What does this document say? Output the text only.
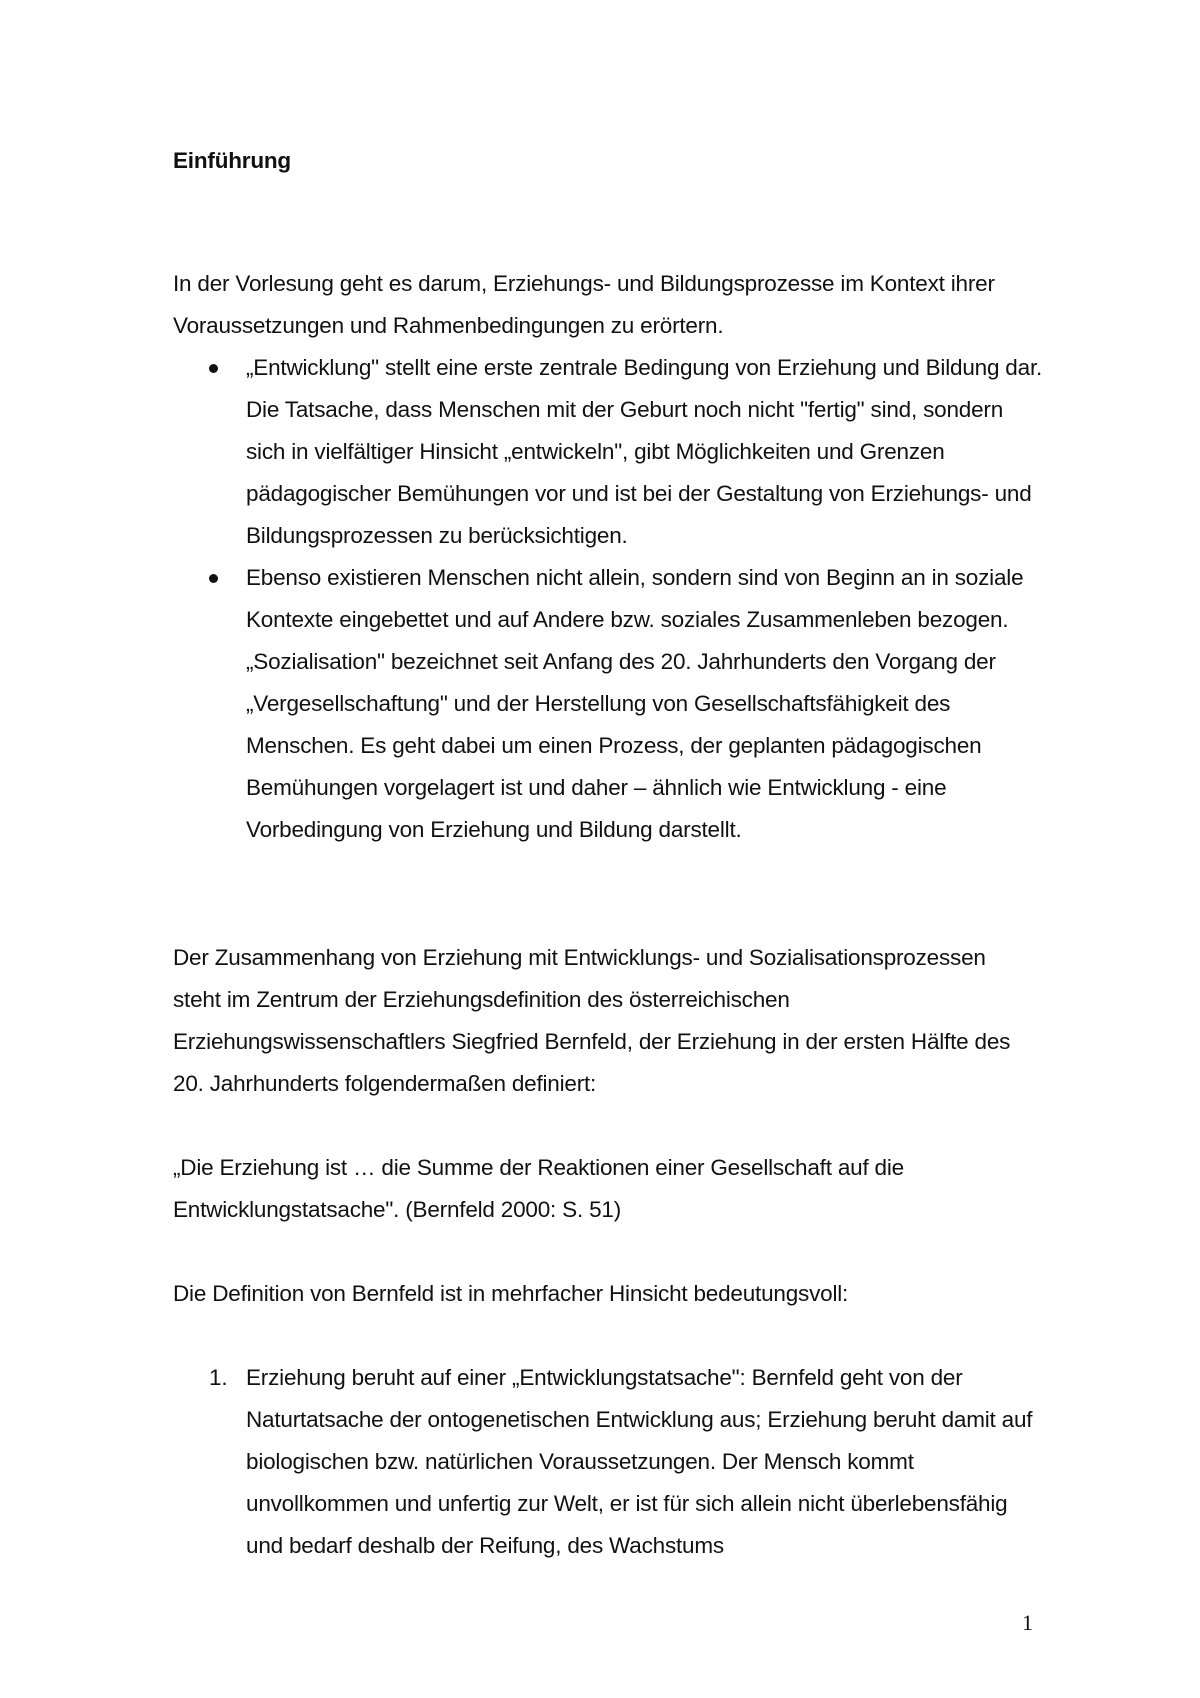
Einführung

In der Vorlesung geht es darum, Erziehungs- und Bildungsprozesse im Kontext ihrer Voraussetzungen und Rahmenbedingungen zu erörtern.

„Entwicklung" stellt eine erste zentrale Bedingung von Erziehung und Bildung dar. Die Tatsache, dass Menschen mit der Geburt noch nicht "fertig" sind, sondern sich in vielfältiger Hinsicht „entwickeln", gibt Möglichkeiten und Grenzen pädagogischer Bemühungen vor und ist bei der Gestaltung von Erziehungs- und Bildungsprozessen zu berücksichtigen.
Ebenso existieren Menschen nicht allein, sondern sind von Beginn an in soziale Kontexte eingebettet und auf Andere bzw. soziales Zusammenleben bezogen. „Sozialisation" bezeichnet seit Anfang des 20. Jahrhunderts den Vorgang der „Vergesellschaftung" und der Herstellung von Gesellschaftsfähigkeit des Menschen. Es geht dabei um einen Prozess, der geplanten pädagogischen Bemühungen vorgelagert ist und daher – ähnlich wie Entwicklung - eine Vorbedingung von Erziehung und Bildung darstellt.

Der Zusammenhang von Erziehung mit Entwicklungs- und Sozialisationsprozessen steht im Zentrum der Erziehungsdefinition des österreichischen Erziehungswissenschaftlers Siegfried Bernfeld, der Erziehung in der ersten Hälfte des 20. Jahrhunderts folgendermaßen definiert:

„Die Erziehung ist … die Summe der Reaktionen einer Gesellschaft auf die Entwicklungstatsache". (Bernfeld 2000: S. 51)

Die Definition von Bernfeld ist in mehrfacher Hinsicht bedeutungsvoll:

1. Erziehung beruht auf einer „Entwicklungstatsache": Bernfeld geht von der Naturtatsache der ontogenetischen Entwicklung aus; Erziehung beruht damit auf biologischen bzw. natürlichen Voraussetzungen. Der Mensch kommt unvollkommen und unfertig zur Welt, er ist für sich allein nicht überlebensfähig und bedarf deshalb der Reifung, des Wachstums
1
